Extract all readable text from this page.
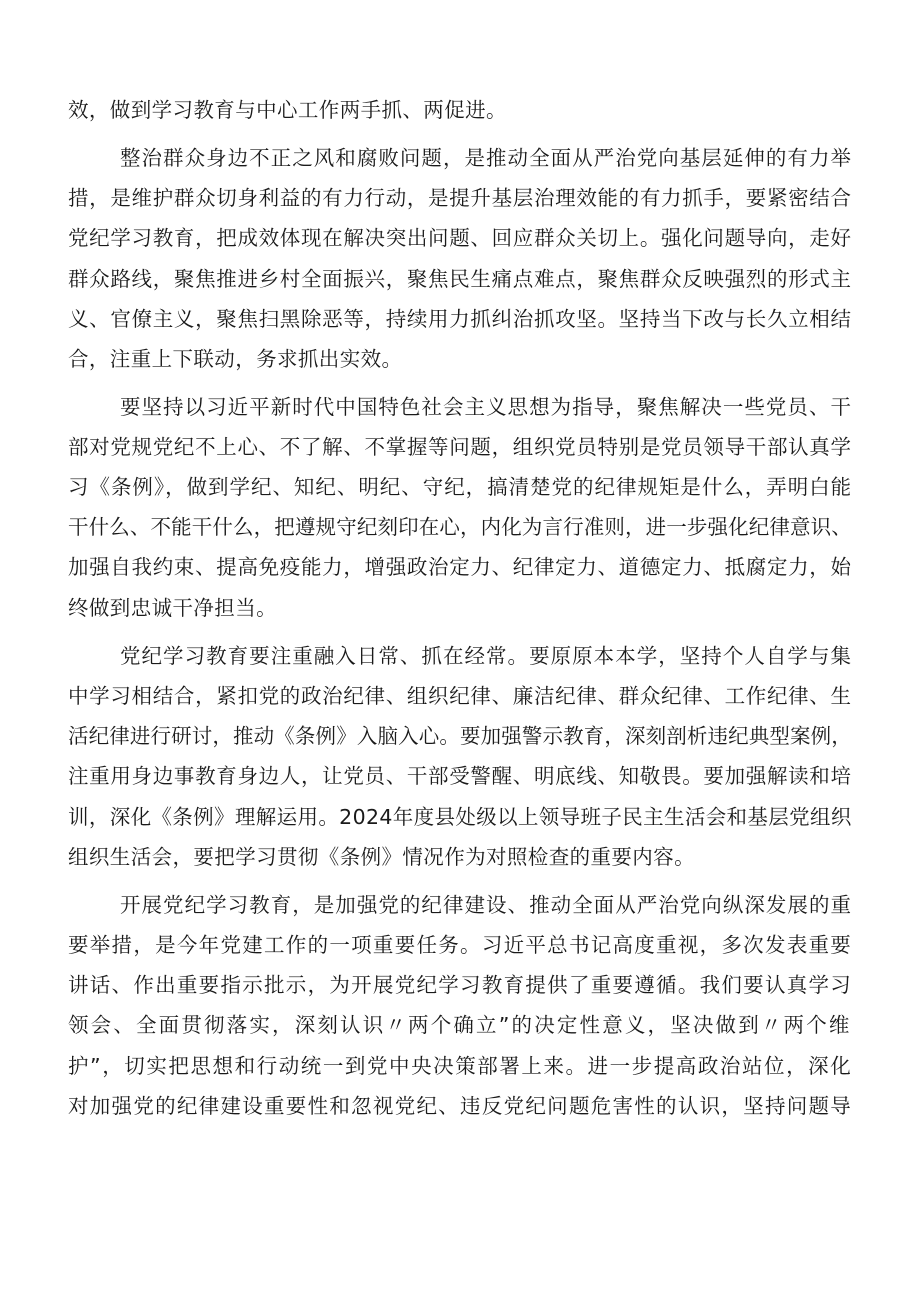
效，做到学习教育与中心工作两手抓、两促进。
整治群众身边不正之风和腐败问题，是推动全面从严治党向基层延伸的有力举
措，是维护群众切身利益的有力行动，是提升基层治理效能的有力抓手，要紧密结合
党纪学习教育，把成效体现在解决突出问题、回应群众关切上。强化问题导向，走好
群众路线，聚焦推进乡村全面振兴，聚焦民生痛点难点，聚焦群众反映强烈的形式主
义、官僚主义，聚焦扫黑除恶等，持续用力抓纠治抓攻坚。坚持当下改与长久立相结
合，注重上下联动，务求抓出实效。
要坚持以习近平新时代中国特色社会主义思想为指导，聚焦解决一些党员、干
部对党规党纪不上心、不了解、不掌握等问题，组织党员特别是党员领导干部认真学
习《条例》，做到学纪、知纪、明纪、守纪，搞清楚党的纪律规矩是什么，弄明白能
干什么、不能干什么，把遵规守纪刻印在心，内化为言行准则，进一步强化纪律意识、
加强自我约束、提高免疫能力，增强政治定力、纪律定力、道德定力、抵腐定力，始
终做到忠诚干净担当。
党纪学习教育要注重融入日常、抓在经常。要原原本本学，坚持个人自学与集
中学习相结合，紧扣党的政治纪律、组织纪律、廉洁纪律、群众纪律、工作纪律、生
活纪律进行研讨，推动《条例》入脑入心。要加强警示教育，深刻剖析违纪典型案例，
注重用身边事教育身边人，让党员、干部受警醒、明底线、知敬畏。要加强解读和培
训，深化《条例》理解运用。2024年度县处级以上领导班子民主生活会和基层党组织
组织生活会，要把学习贯彻《条例》情况作为对照检查的重要内容。
开展党纪学习教育，是加强党的纪律建设、推动全面从严治党向纵深发展的重
要举措，是今年党建工作的一项重要任务。习近平总书记高度重视，多次发表重要
讲话、作出重要指示批示，为开展党纪学习教育提供了重要遵循。我们要认真学习
领会、全面贯彻落实，深刻认识〃两个确立”的决定性意义，坚决做到〃两个维
护”，切实把思想和行动统一到党中央决策部署上来。进一步提高政治站位，深化
对加强党的纪律建设重要性和忽视党纪、违反党纪问题危害性的认识，坚持问题导
